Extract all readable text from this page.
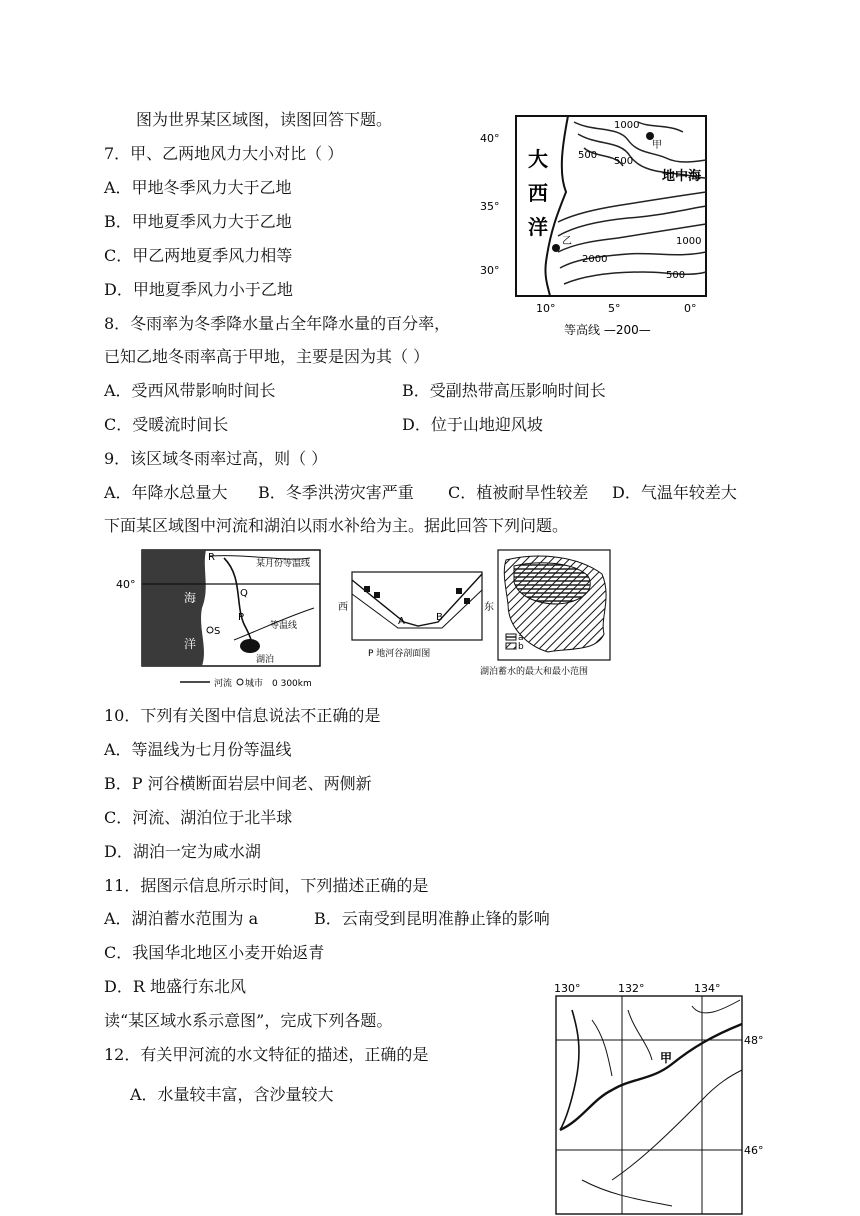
图为世界某区域图，读图回答下题。
7．甲、乙两地风力大小对比（ ）
A．甲地冬季风力大于乙地
B．甲地夏季风力大于乙地
C．甲乙两地夏季风力相等
D．甲地夏季风力小于乙地
8．冬雨率为冬季降水量占全年降水量的百分率，
已知乙地冬雨率高于甲地，主要是因为其（ ）
A．受西风带影响时间长	B．受副热带高压影响时间长
C．受暖流时间长	D．位于山地迎风坡
9．该区域冬雨率过高，则（ ）
A．年降水总量大 B．冬季洪涝灾害严重 C．植被耐旱性较差 D．气温年较差大
下面某区域图中河流和湖泊以雨水补给为主。据此回答下列问题。
10．下列有关图中信息说法不正确的是
A．等温线为七月份等温线
B．P 河谷横断面岩层中间老、两侧新
C．河流、湖泊位于北半球
D．湖泊一定为咸水湖
11．据图示信息所示时间，下列描述正确的是
A．湖泊蓄水范围为 a	B．云南受到昆明准静止锋的影响
C．我国华北地区小麦开始返青
D．R 地盛行东北风
读“某区域水系示意图”，完成下列各题。
12．有关甲河流的水文特征的描述，正确的是
A．水量较丰富，含沙量较大
40°
35°
30°
10°	5°	0°
大
西
洋
甲
乙
地中海
1000
500
500
2000
1000
500
等高线 —200—
40°
R
某月份等温线
海
洋
Q
P
S	等温线
湖泊
河流 城市 0 300km
西	东
A	B
P 地河谷剖面图
a
b
湖泊蓄水的最大和最小范围
130°	132°	134°
48°
46°
甲
